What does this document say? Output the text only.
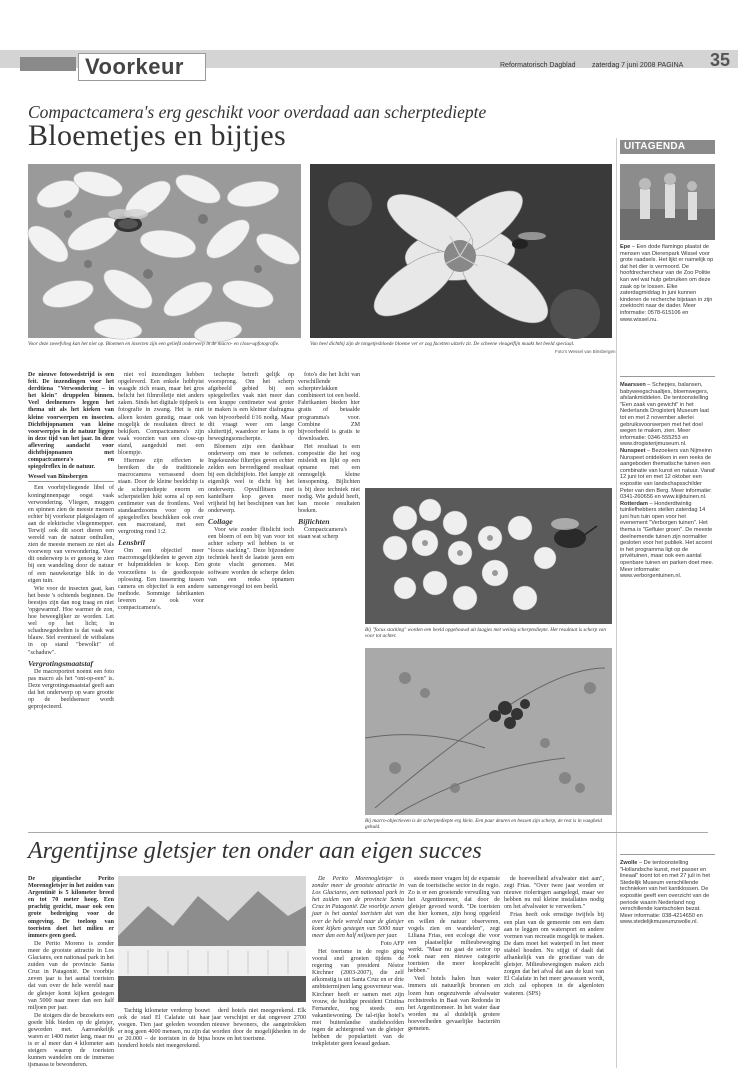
Voorkeur	Reformatorisch Dagblad zaterdag 7 juni 2008 PAGINA 35
Compactcamera's erg geschikt voor overdaad aan scherptediepte
Bloemetjes en bijtjes
Voor deze zweefvlieg kan het niet op. Bloemen en insecten zijn een geliefd onderwerp in de macro- en close-upfotografie.	Van heel dichtbij zijn de tongetjesbloede bloeme ver er zog facetten uitzelv zit. De scheene vleugelfijn maakt het beeld speciaal.
Foto's Wessel van Binsbergen

De nieuwe fotowedstrijd is een feit. De inzendingen voor het derdtiena "Verwondering – in het klein" druppelen binnen. Veel deelnemers leggen het thema uit als het kieken van kleine voorwerpen en insecten. Dichtbijopnamen van kleine voorwerpjes in de natuur liggen in deze tijd van het jaar. In deze aflevering aandacht voor dichtbijopnamen met compactcamera's en spiegelreflex in de natuur.

Wessel van Binsbergen

Een voorbijvliegende libel of koninginnenpage oogst vaak verwondering. Vliegen, muggen en spinnen zien de meeste mensen echter bij voorkeur platgeslagen of aan de elektrische vliegenmepper. Terwijl ook dit soort dieren een wereld van de natuur onthullen, zien de meeste mensen ze niet als voorwerp van verwondering. Voor dit onderwerp is er genoeg te zien bij een wandeling door de natuur of een nauwkeurige blik in de eigen tuin.

Wie voor de insecten gaat, kan het beste 's ochtends beginnen. De beestjes zijn dan nog traag en niet 'opgewarmd'. Hoe warmer de zon, hoe beweeglijker ze worden. Let wel op het licht; in schaduwgedeelten is dat vaak wat blauw. Stel eventueel de witbalans in op stand "bewolkt" of "schaduw".

Vergrotingsmaatstaf

De macroportret noemt een foto pas macro als het "ont-op-een" is. Deze vergrotingsmaatstaf geeft aan dat het onderwerp op ware grootte op de beeldsensor wordt geprojecteerd.

niet vol inzendingen hebben opgeleverd. Een enkele hobbyist waagde zich eraan, maar het gros belicht het filmrolletje niet anders zaken. Sinds het digitale tijdperk is fotografie in zwang. Het is niet alleen kosten gunstig, maar ook mogelijk de resultaten direct te bekijken. Compactcamera's zijn vaak voorzien van een close-up stand, aangeduid met een bloempje.

Hiermee zijn effecten te bereiken die de traditionele macrocamera verrassend doen staan. Door de kleine beeldchip is de scherptediepte enorm en scherpstellen lukt soms al op een centimeter van de frontlens. Veel standaardzooms voor op de spiegelreflex beschikken ook over een macrostand, met een vergroting rond 1:2.

Lensbril

Om een objectief meer macromogelijkheden te geven zijn er hulpmiddelen te koop. Een voorzetlens is de goedkoopste oplossing. Een tussenring tussen camera en objectief is een andere methode. Sommige fabrikanten leveren ze ook voor compactcamera's.

techepte betreft gelijk op voorsprong. Om het scherp afgebeeld gebied bij een spiegelreflex vaak niet meer dan een krappe centimeter wat groter te maken is een kleiner diafragma van bijvoorbeeld f/16 nodig. Maar dit vraagt weer om lange sluitertijd, waardoor er kans is op bewegingsonscherpte.

Bloemen zijn een dankbaar onderwerp om mee te oefenen. Ingekeuzeke filtertjes geven echter zelden een bevredigend resultaat bij een dichtbijfoto. Het lampje zit eigenlijk veel te dicht bij het onderwerp. Opvulflitsers met kantelbare kop geven meer vrijheid bij het beschijnen van het onderwerp.

Collage

Voor wie zonder flitslicht toch een bloem of een bij van voor tot achter scherp wil hebben is er "focus stacking". Deze bijzondere techniek heeft de laatste jaren een grote vlucht genomen. Met software worden de scherpe delen van een reeks opnamen samengevoegd tot een beeld.

foto's die het licht van verschillende scherptevlakken combineert tot een beeld. Fabrikanten bieden hier gratis of betaalde programma's voor. Combine ZM bijvoorbeeld is gratis te downloaden.

Het resultaat is een compositie die het oog misleidt en lijkt op een opname met een onmogelijk kleine lensopening. Bijlichten is bij deze techniek niet nodig. Wie geduld heeft, kan mooie resultaten boeken.

Bijlichten

Compactcamera's staan wat scherp

Bij "focus stacking" worden een beeld opgebouwd uit laagjes met weinig scherptediepte. Het resultaat is scherp van voor tot achter.
Bij macro-objectieven is de scherptediepte erg klein. Een paar deuren en bessen zijn scherp, de rest is in vaagheid gehuld.
UITAGENDA

Epe – Een dode flamingo plaatst de mensen van Dierenpark Wissel voor grote raadsels. Het lijkt er namelijk op dat het dier is vermoord. De hoofdrechercheur van de Zoo Politie kan wel wat hulp gebruiken om deze zaak op te lossen. Elke zaterdagmiddag in juni kunnen kinderen de recherche bijstaan in zijn zoektocht naar de dader. Meer informatie: 0578-615106 en www.wissel.nu.

Maarssen – Schepjes, balansen, babyweegschaaltjes, bloemwegers, afslankmiddelen. De tentoonstelling "Een zaak van gewicht" in het Nederlands Drogisterij Museum laat tot en met 2 november allerlei gebruiksvoorwerpen met het doel wegen te maken, zien. Meer informatie: 0346-555253 en www.drogisterijmuseum.nl.

Nunspeet – Bezoekers van Nijmeinn Nunspeet ontdekken in een reeks de aangeboden thematische tuinen een combinatie van kunst en natuur. Vanaf 12 juni tot en met 12 oktober een expositie van landschapsschilder Peter van den Berg. Meer informatie: 0341-260656 en www.kijktuinen.nl.

Rotterdam – Honderdtwintig tuinliefhebbers stellen zaterdag 14 juni hun tuin open voor het evenement "Verborgen tuinen". Het thema is "Gefluier groen". De meeste deelnemende tuinen zijn normaliter gesloten voor het publiek. Het accent in het programma ligt op de privétuinen, maar ook een aantal openbare tuinen en parken doet mee. Meer informatie: www.verborgentuinen.nl.

Zwolle – De tentoonstelling "Hollandsche kunst, met passer en lineaal" toont tot en met 27 juli in het Stedelijk Museum verschillende technieken van het kantklossen. De expositie geeft een overzicht van de periode waarin Nederland nog verschillende kantscholen bezat. Meer informatie: 038-4214650 en www.stedelijkmuseumzwolle.nl.

Argentijnse gletsjer ten onder aan eigen succes

De gigantische Perito Morenogletsjer in het zuiden van Argentinië is 5 kilometer breed en tot 70 meter hoog. Een prachtig gezicht, maar ook een grote bedreiging voor de omgeving. De toeloop van toeristen doet het milieu er immers geen goed.

De Perito Moreno is zonder meer de grootste attractie in Los Glaciares, een nationaal park in het zuiden van de provincie Santa Cruz in Patagonië. De voorbije zeven jaar is het aantal toeristen dat van over de hele wereld naar de gletsjer komt kijken gestegen van 5000 naar meer dan een half miljoen per jaar.

De stoigers die de bezoekers een goede blik bieden op de gletsjer, geworden met. Aanvankelijk waren er 1400 meter lang, maar nu is er al meer dan 4 kilometer aan steigers waarop de toeristen kunnen wandelen om de immense ijsmassa te bewonderen.

Tachtig kilometer verderop bouwt ook de stad El Calafate uit haar voegen. Tien jaar geleden woonden er nog geen 4000 mensen, nu zijn dat er 20.000 – de toeristen in de bijna honderd hotels niet meegerekend.

derd hotels niet meegerekend. Elk jaar verschijnt er dat ongeveer 2700 nieuwe bewoners, die aangetrokken worden door de mogelijkheden in de bouw en het toerisme.

De Perito Morenogletsjer is zonder meer de grootste attractie in Los Glaciares, een nationaal park in het zuiden van de provincie Santa Cruz in Patagonië. De voorbije zeven jaar is het aantal toeristen dat van over de hele wereld naar de gletsjer komt kijken gestegen van 5000 naar meer dan een half miljoen per jaar.

Foto AFP

Het toerisme in de regio ging vooral snel groeien tijdens de regering van president Néstor Kirchner (2003-2007), die zelf afkomstig is uit Santa Cruz en er drie ambtstermijnen lang gouverneur was. Kirchner heeft er samen met zijn vrouw, de huidige president Cristina Fernandez, nog steeds een vakantiewoning. De tal-rijke hotel's met buitenlandse studiehoofden tegen de achtergrond van de gletsjer hebben de populariteit van de trekpleister geen kwaad gedaan.

steeds meer vragen bij de expansie van de toeristische sector in de regio. Zo is er een groeiende vervuiling van het Argentinomeer, dat door de gletsjer gevoed wordt. "De toeristen die hier komen, zijn hoog opgeleid en willen de natuur observeren, vogels zien en wandelen", zegt Liliana Frias, een ecologe die voor een plaatselijke milieubeweging werkt. "Maar nu gaat de sector op zoek naar een nieuwe categorie toeristen die meer koopkracht hebben."

Veel hotels halen hun water immers uit natuurlijk bronnen en lozen hun ongezuiverde afvalwater rechtstreeks in Baai van Redonda in het Argentinomeer. In het water daar worden nu al duidelijk grotere hoeveelheden gevaarlijke bacteriën gemeten.

de hoeveelheid afvalwater niet aan", zegt Frias. "Over twee jaar worden er nieuwe rioleringen aangelegd, maar we hebben nu nul kleine installaties nodig om het afvalwater te verwerken."

Frias heeft ook ernstige twijfels bij een plan van de gemeente om een dam aan te leggen om watersport en andere vormen van recreatie mogelijk te maken. De dam moet het waterpeil in het meer stabiel houden. Nu stijgt of daalt dat afhankelijk van de groeifase van de gletsjer. Milieubewegingen maken zich zorgen dat het afval dat aan de kust van El Calafate in het meer gewassen wordt, zich zal ophopen in de algenloten wateren. (SPS)
